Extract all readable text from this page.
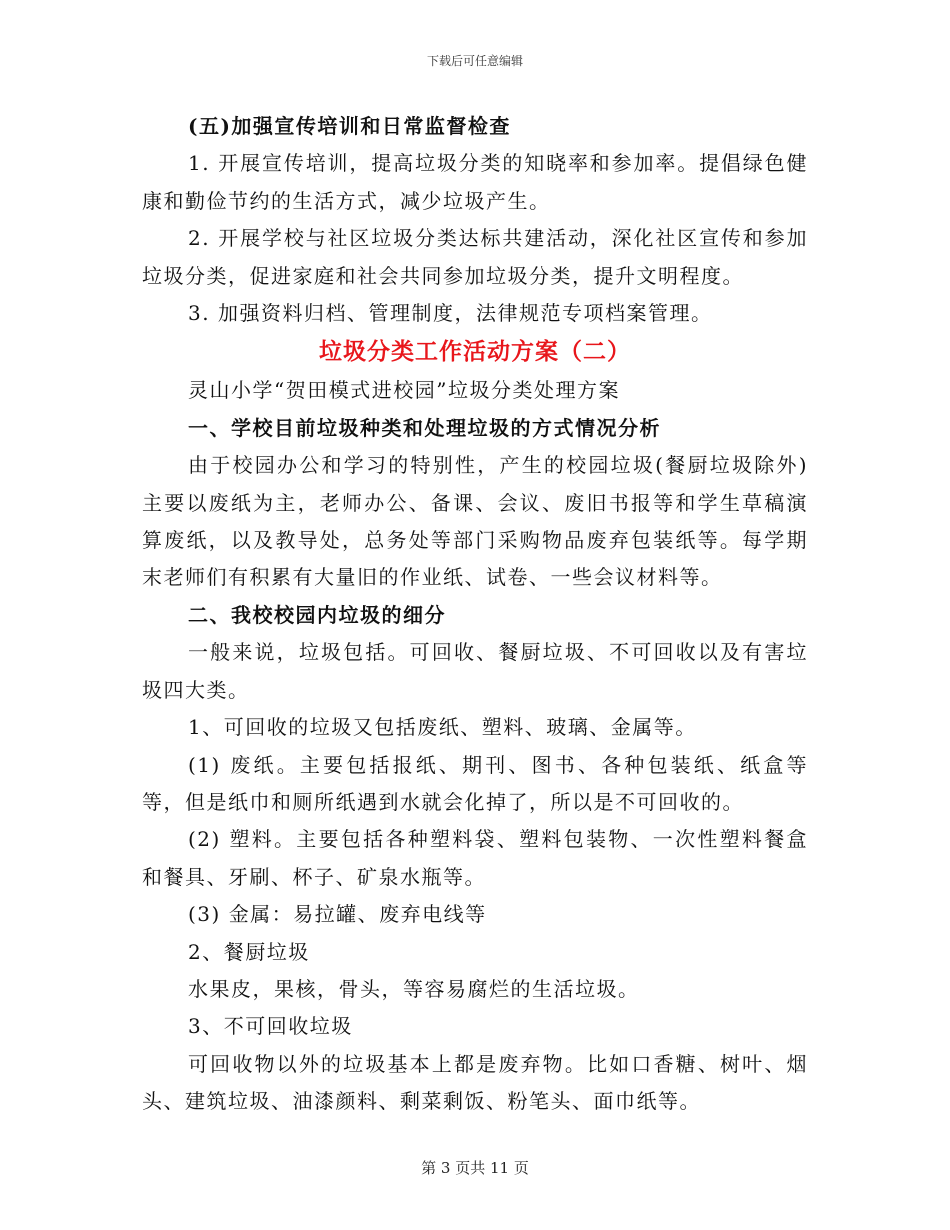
下载后可任意编辑

(五)加强宣传培训和日常监督检查

1. 开展宣传培训，提高垃圾分类的知晓率和参加率。提倡绿色健康和勤俭节约的生活方式，减少垃圾产生。

2. 开展学校与社区垃圾分类达标共建活动，深化社区宣传和参加垃圾分类，促进家庭和社会共同参加垃圾分类，提升文明程度。

3. 加强资料归档、管理制度，法律规范专项档案管理。

垃圾分类工作活动方案（二）

灵山小学“贺田模式进校园”垃圾分类处理方案

一、学校目前垃圾种类和处理垃圾的方式情况分析

由于校园办公和学习的特别性，产生的校园垃圾(餐厨垃圾除外)主要以废纸为主，老师办公、备课、会议、废旧书报等和学生草稿演算废纸，以及教导处，总务处等部门采购物品废弃包装纸等。每学期末老师们有积累有大量旧的作业纸、试卷、一些会议材料等。

二、我校校园内垃圾的细分

一般来说，垃圾包括。可回收、餐厨垃圾、不可回收以及有害垃圾四大类。

1、可回收的垃圾又包括废纸、塑料、玻璃、金属等。

(1) 废纸。主要包括报纸、期刊、图书、各种包装纸、纸盒等等，但是纸巾和厕所纸遇到水就会化掉了，所以是不可回收的。

(2) 塑料。主要包括各种塑料袋、塑料包装物、一次性塑料餐盒和餐具、牙刷、杯子、矿泉水瓶等。

(3) 金属：易拉罐、废弃电线等

2、餐厨垃圾

水果皮，果核，骨头，等容易腐烂的生活垃圾。

3、不可回收垃圾

可回收物以外的垃圾基本上都是废弃物。比如口香糖、树叶、烟头、建筑垃圾、油漆颜料、剩菜剩饭、粉笔头、面巾纸等。

第 3 页共 11 页
